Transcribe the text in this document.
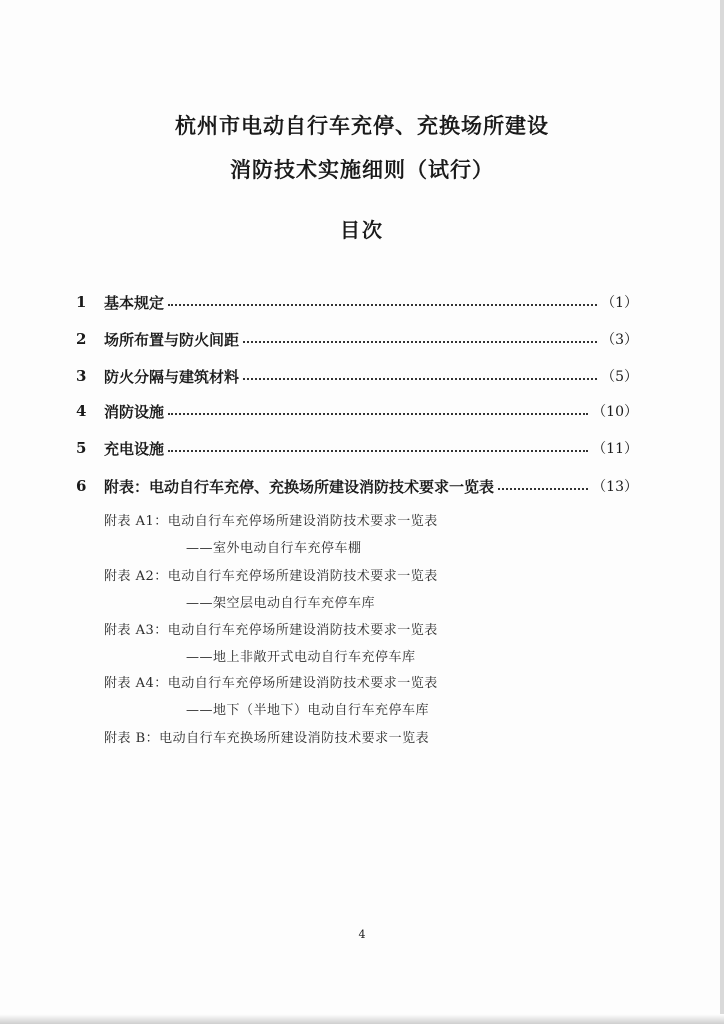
杭州市电动自行车充停、充换场所建设
消防技术实施细则（试行）
目次
1	基本规定	（1）
2	场所布置与防火间距	（3）
3	防火分隔与建筑材料	（5）
4	消防设施	（10）
5	充电设施	（11）
6	附表：电动自行车充停、充换场所建设消防技术要求一览表	（13）
附表 A1：电动自行车充停场所建设消防技术要求一览表
——室外电动自行车充停车棚
附表 A2：电动自行车充停场所建设消防技术要求一览表
——架空层电动自行车充停车库
附表 A3：电动自行车充停场所建设消防技术要求一览表
——地上非敞开式电动自行车充停车库
附表 A4：电动自行车充停场所建设消防技术要求一览表
——地下（半地下）电动自行车充停车库
附表 B：电动自行车充换场所建设消防技术要求一览表
4
